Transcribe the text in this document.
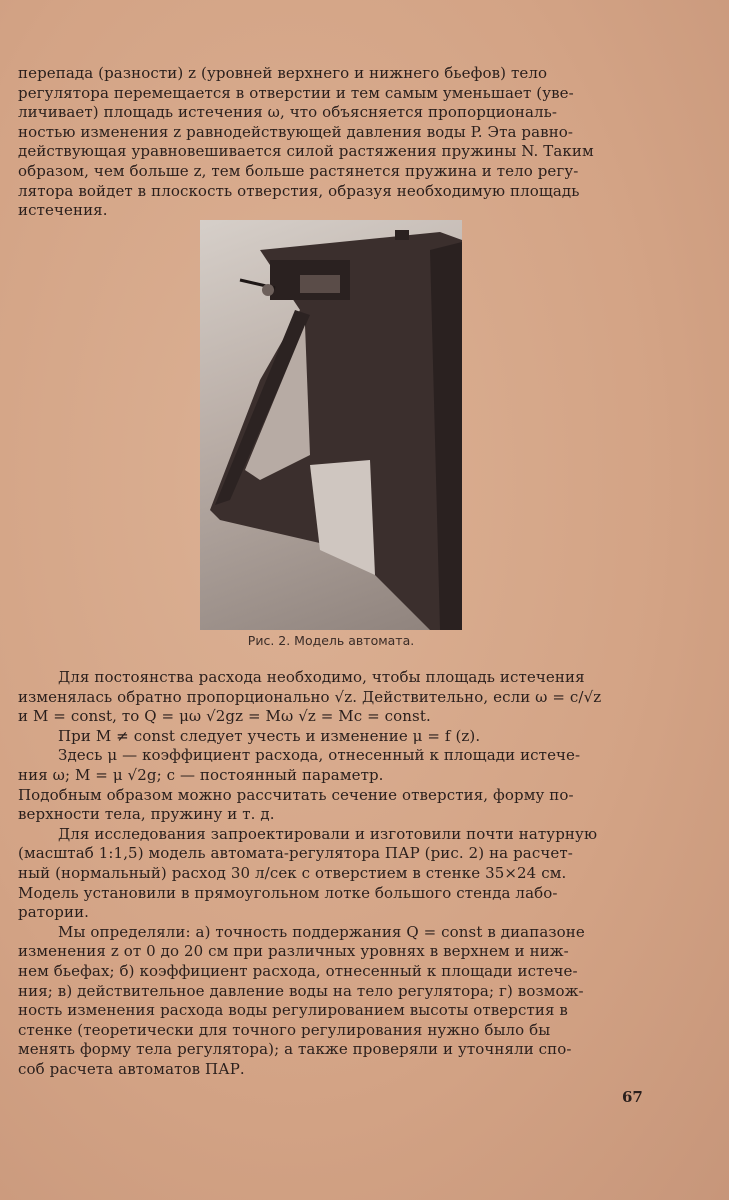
перепада (разности) z (уровней верхнего и нижнего бьефов) тело
регулятора перемещается в отверстии и тем самым уменьшает (уве-
личивает) площадь истечения ω, что объясняется пропорциональ-
ностью изменения z равнодействующей давления воды P. Эта равно-
действующая уравновешивается силой растяжения пружины N. Таким
образом, чем больше z, тем больше растянется пружина и тело регу-
лятора войдет в плоскость отверстия, образуя необходимую площадь
истечения.
Рис. 2. Модель автомата.
Для постоянства расхода необходимо, чтобы площадь истечения
изменялась обратно пропорционально √z. Действительно, если ω = c/√z
и M = const, то Q = μω √2gz = Mω √z = Mc = const.
При M ≠ const следует учесть и изменение μ = f (z).
Здесь μ — коэффициент расхода, отнесенный к площади истече-
ния ω; M = μ √2g; c — постоянный параметр.
Подобным образом можно рассчитать сечение отверстия, форму по-
верхности тела, пружину и т. д.
Для исследования запроектировали и изготовили почти натурную
(масштаб 1:1,5) модель автомата-регулятора ПАР (рис. 2) на расчет-
ный (нормальный) расход 30 л/сек с отверстием в стенке 35×24 см.
Модель установили в прямоугольном лотке большого стенда лабо-
ратории.
Мы определяли: а) точность поддержания Q = const в диапазоне
изменения z от 0 до 20 см при различных уровнях в верхнем и ниж-
нем бьефах; б) коэффициент расхода, отнесенный к площади истече-
ния; в) действительное давление воды на тело регулятора; г) возмож-
ность изменения расхода воды регулированием высоты отверстия в
стенке (теоретически для точного регулирования нужно было бы
менять форму тела регулятора); а также проверяли и уточняли спо-
соб расчета автоматов ПАР.
67
